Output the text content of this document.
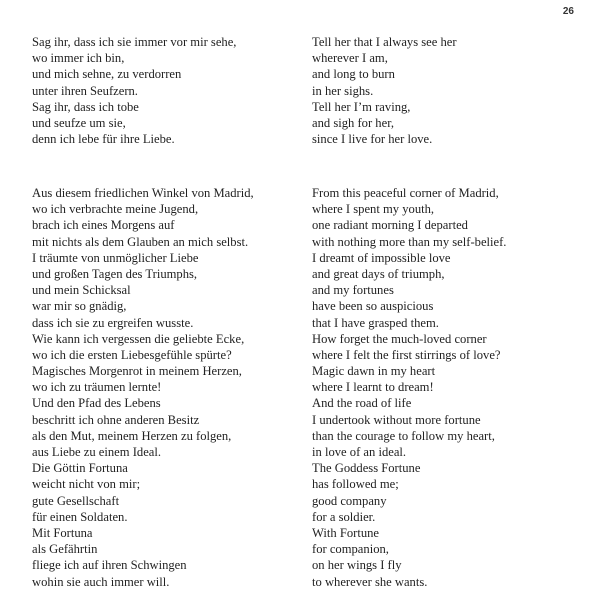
26
Sag ihr, dass ich sie immer vor mir sehe,
wo immer ich bin,
und mich sehne, zu verdorren
unter ihren Seufzern.
Sag ihr, dass ich tobe
und seufze um sie,
denn ich lebe für ihre Liebe.
Tell her that I always see her
wherever I am,
and long to burn
in her sighs.
Tell her I’m raving,
and sigh for her,
since I live for her love.
Aus diesem friedlichen Winkel von Madrid,
wo ich verbrachte meine Jugend,
brach ich eines Morgens auf
mit nichts als dem Glauben an mich selbst.
I träumte von unmöglicher Liebe
und großen Tagen des Triumphs,
und mein Schicksal
war mir so gnädig,
dass ich sie zu ergreifen wusste.
Wie kann ich vergessen die geliebte Ecke,
wo ich die ersten Liebesgefühle spürte?
Magisches Morgenrot in meinem Herzen,
wo ich zu träumen lernte!
Und den Pfad des Lebens
beschritt ich ohne anderen Besitz
als den Mut, meinem Herzen zu folgen,
aus Liebe zu einem Ideal.
Die Göttin Fortuna
weicht nicht von mir;
gute Gesellschaft
für einen Soldaten.
Mit Fortuna
als Gefährtin
fliege ich auf ihren Schwingen
wohin sie auch immer will.
From this peaceful corner of Madrid,
where I spent my youth,
one radiant morning I departed
with nothing more than my self-belief.
I dreamt of impossible love
and great days of triumph,
and my fortunes
have been so auspicious
that I have grasped them.
How forget the much-loved corner
where I felt the first stirrings of love?
Magic dawn in my heart
where I learnt to dream!
And the road of life
I undertook without more fortune
than the courage to follow my heart,
in love of an ideal.
The Goddess Fortune
has followed me;
good company
for a soldier.
With Fortune
for companion,
on her wings I fly
to wherever she wants.
